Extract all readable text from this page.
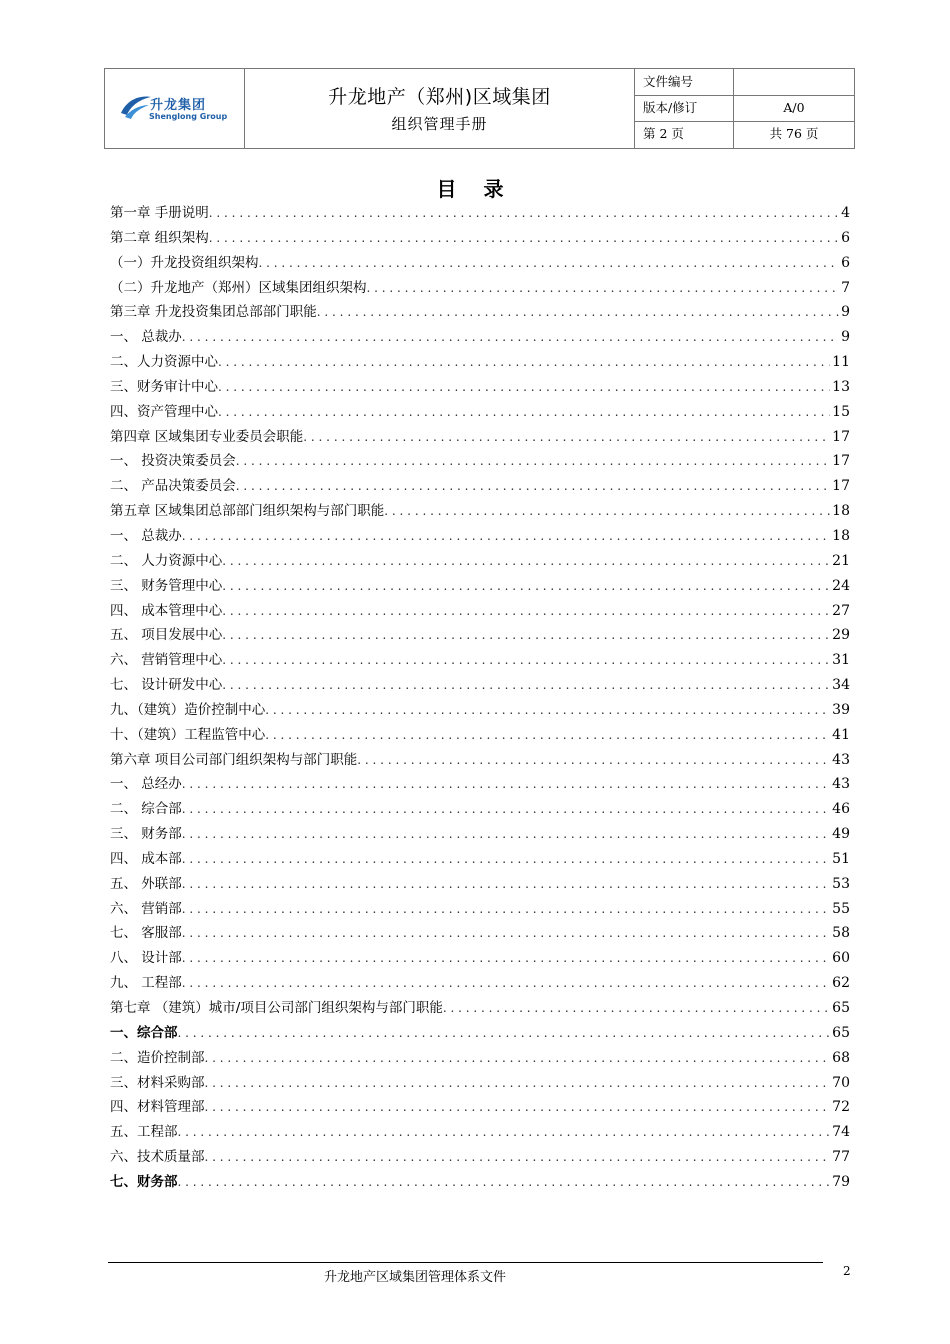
升龙集团
Shenglong Group
升龙地产（郑州)区域集团
组织管理手册
文件编号
版本/修订	A/0
第 2 页	共 76 页
目 录
第一章 手册说明 . . .	4
第二章 组织架构 . . .	6
（一）升龙投资组织架构 . . .	6
（二）升龙地产（郑州）区域集团组织架构 . . .	7
第三章 升龙投资集团总部部门职能 . . .	9
一、 总裁办 . . .	9
二、人力资源中心 . . .	11
三、财务审计中心 . . .	13
四、资产管理中心 . . .	15
第四章 区域集团专业委员会职能 . . .	17
一、 投资决策委员会 . . .	17
二、 产品决策委员会 . . .	17
第五章 区域集团总部部门组织架构与部门职能 . . .	18
一、 总裁办 . . .	18
二、 人力资源中心 . . .	21
三、 财务管理中心 . . .	24
四、 成本管理中心 . . .	27
五、 项目发展中心 . . .	29
六、 营销管理中心 . . .	31
七、 设计研发中心 . . .	34
九、（建筑）造价控制中心 . . .	39
十、（建筑）工程监管中心 . . .	41
第六章 项目公司部门组织架构与部门职能 . . .	43
一、 总经办 . . .	43
二、 综合部 . . .	46
三、 财务部 . . .	49
四、 成本部 . . .	51
五、 外联部 . . .	53
六、 营销部 . . .	55
七、 客服部 . . .	58
八、 设计部 . . .	60
九、 工程部 . . .	62
第七章 （建筑）城市/项目公司部门组织架构与部门职能 . . .	65
一、综合部 . . .	65
二、造价控制部 . . .	68
三、材料采购部 . . .	70
四、材料管理部 . . .	72
五、工程部 . . .	74
六、技术质量部 . . .	77
七、财务部 . . .	79
升龙地产区域集团管理体系文件	2
